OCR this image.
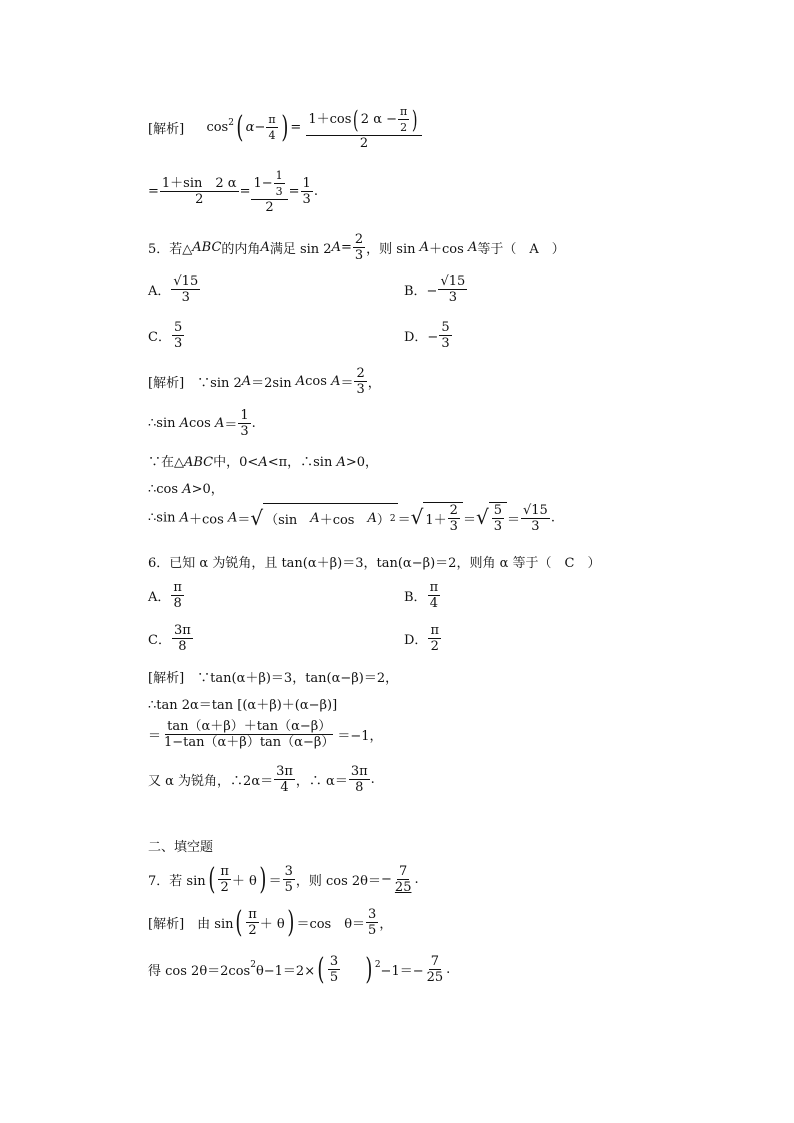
[解析] $\cos^2$( $\alpha- \frac{\pi}{4}$ ) = $\frac{1+\cos( 2 \alpha - \frac{\pi}{2} )}{2}$
= $\frac{1+\sin 2 \alpha}{2} = \frac{1- \frac{1}{3}}{2} = \frac{1}{3}$ .
5．若△ABC的内角A满足 $\sin 2A= \frac{2}{3}$ ，则 sin A＋cos A等于（　A　）
A． $\frac{√15}{3}$	B．− $\frac{√15}{3}$
C． $\frac{5}{3}$	D．− $\frac{5}{3}$
[解析]　∵sin 2A＝2sin Acos $A= \frac{2}{3}$ ，
∴sin Acos $A= \frac{1}{3}$ .
∵在△ABC中，0<A<π，∴sin A>0，
∴cos A>0，
∴sin A＋cos A＝ √ （sin　 A ＋cos　 A ） 2 ＝ √ 1＋
2
3 ＝ √ 5
$3 = \frac{√15}{3}$ .
6．已知 α 为锐角，且 tan(α＋β)＝3，tan(α−β)＝2，则角 α 等于（　C　）
A． $\frac{\pi}{8}$	B． $\frac{\pi}{4}$
C． $\frac{3\pi}{8}$	D． $\frac{\pi}{2}$
[解析]　∵tan(α＋β)＝3，tan(α−β)＝2，
∴tan 2α＝tan [(α＋β)＋(α−β)]
＝ $\frac{\tan(\alpha+\beta)+\tan(\alpha-\beta)}{1-\tan(\alpha+\beta)\tan(\alpha-\beta)} =-1$，
又 α 为锐角，∴2α＝ $\frac{3\pi}{4}$ ，∴ $\alpha= \frac{3\pi}{8}$ .
二、填空题
7．若 $\sin( \frac{\pi}{2} + \theta) = \frac{3}{5}$ ，则 $\cos 2\theta=- \frac{7}{25}$ .
[解析]　由 $\sin( \frac{\pi}{2} + \theta) =\cos$　$\theta= \frac{3}{5}$ ，
得 $\cos 2\theta=2\cos^2\theta-1=2\times( \frac{3}{5}$ ) $^2-1=- \frac{7}{25}$ .
